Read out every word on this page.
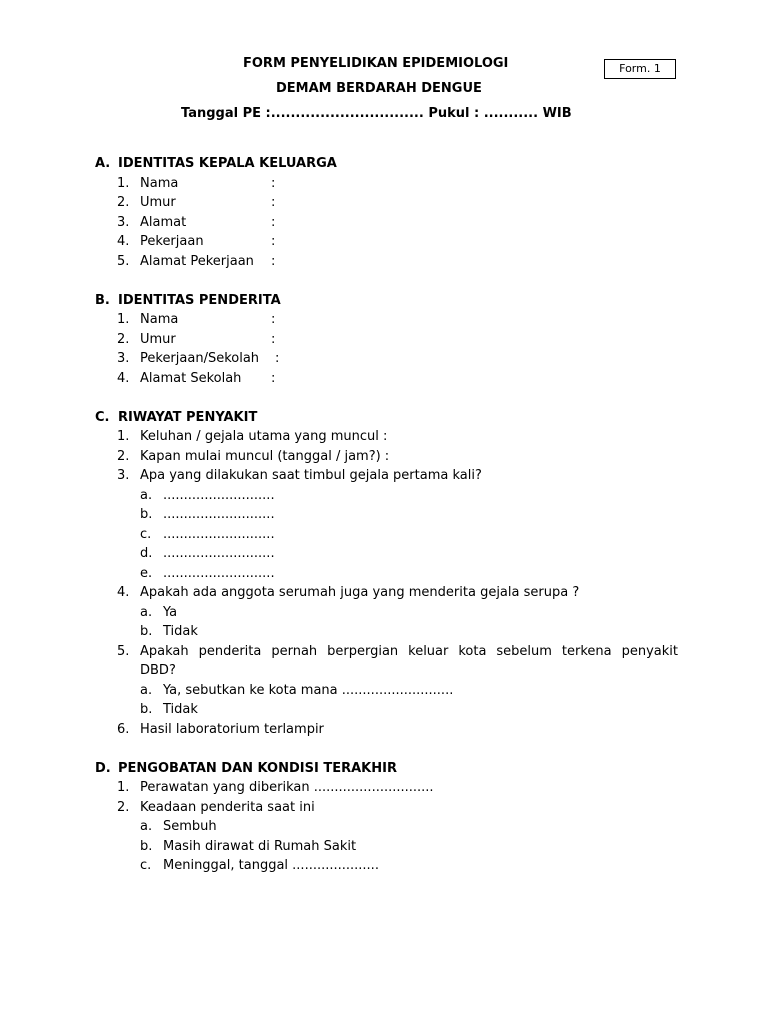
FORM PENYELIDIKAN EPIDEMIOLOGI	Form. 1
DEMAM BERDARAH DENGUE
Tanggal PE :............................... Pukul : ........... WIB
A. IDENTITAS KEPALA KELUARGA
1. Nama	:
2. Umur	:
3. Alamat	:
4. Pekerjaan	:
5. Alamat Pekerjaan :
B. IDENTITAS PENDERITA
1. Nama	:
2. Umur	:
3. Pekerjaan/Sekolah :
4. Alamat Sekolah :
C. RIWAYAT PENYAKIT
1. Keluhan / gejala utama yang muncul :
2. Kapan mulai muncul (tanggal / jam?) :
3. Apa yang dilakukan saat timbul gejala pertama kali?
a. ...........................
b. ...........................
c. ...........................
d. ...........................
e. ...........................
4. Apakah ada anggota serumah juga yang menderita gejala serupa ?
a. Ya
b. Tidak
5. Apakah penderita pernah berpergian keluar kota sebelum terkena penyakit
DBD?
a. Ya, sebutkan ke kota mana ...........................
b. Tidak
6. Hasil laboratorium terlampir
D. PENGOBATAN DAN KONDISI TERAKHIR
1. Perawatan yang diberikan .............................
2. Keadaan penderita saat ini
a. Sembuh
b. Masih dirawat di Rumah Sakit
c. Meninggal, tanggal .....................
